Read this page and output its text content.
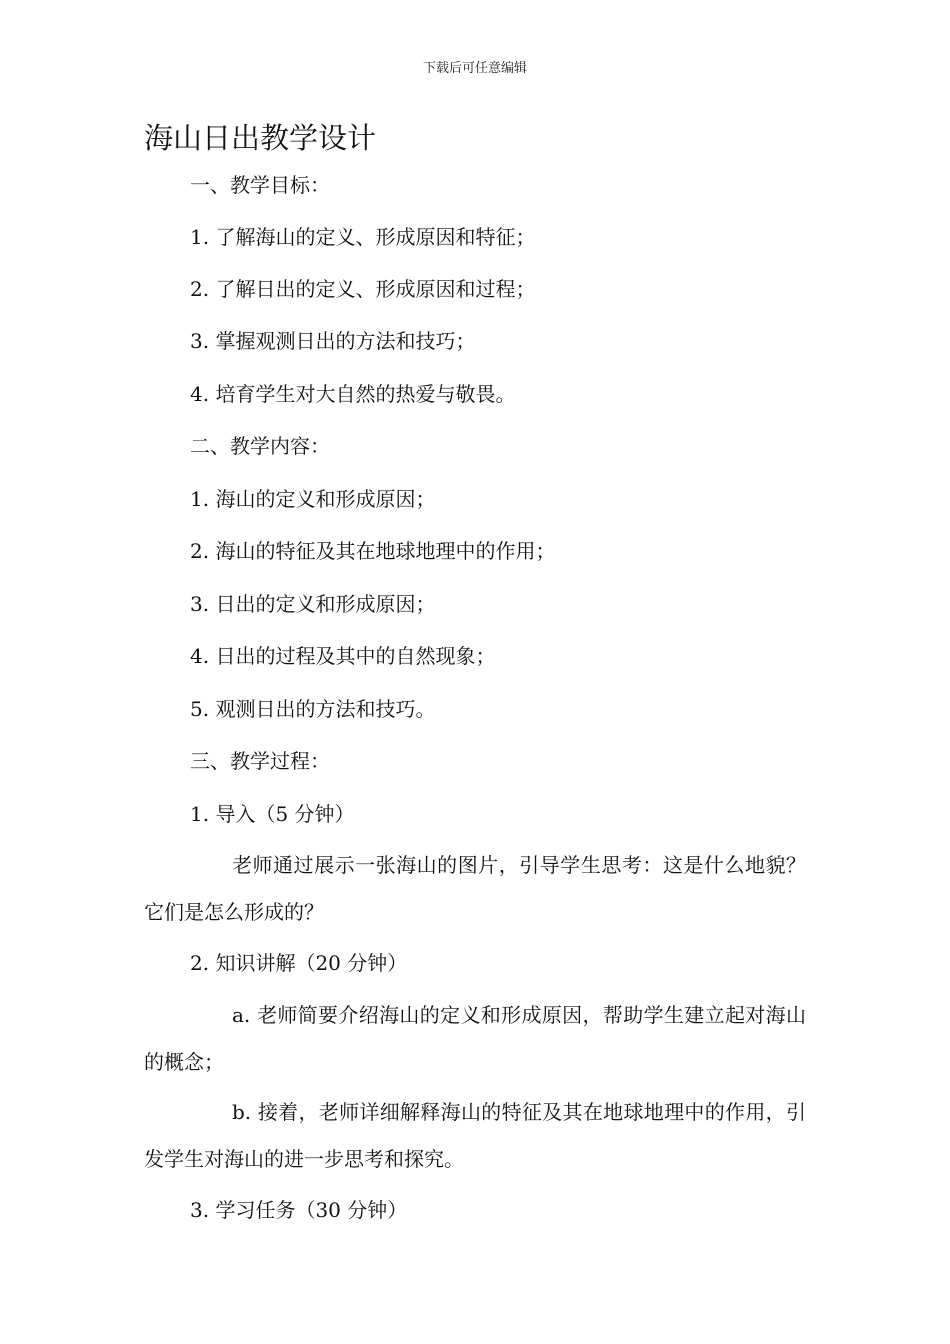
下载后可任意编辑
海山日出教学设计
一、教学目标：
1. 了解海山的定义、形成原因和特征；
2. 了解日出的定义、形成原因和过程；
3. 掌握观测日出的方法和技巧；
4. 培育学生对大自然的热爱与敬畏。
二、教学内容：
1. 海山的定义和形成原因；
2. 海山的特征及其在地球地理中的作用；
3. 日出的定义和形成原因；
4. 日出的过程及其中的自然现象；
5. 观测日出的方法和技巧。
三、教学过程：
1. 导入（5 分钟）
老师通过展示一张海山的图片，引导学生思考：这是什么地貌？它们是怎么形成的？
2. 知识讲解（20 分钟）
a. 老师简要介绍海山的定义和形成原因，帮助学生建立起对海山的概念；
b. 接着，老师详细解释海山的特征及其在地球地理中的作用，引发学生对海山的进一步思考和探究。
3. 学习任务（30 分钟）
